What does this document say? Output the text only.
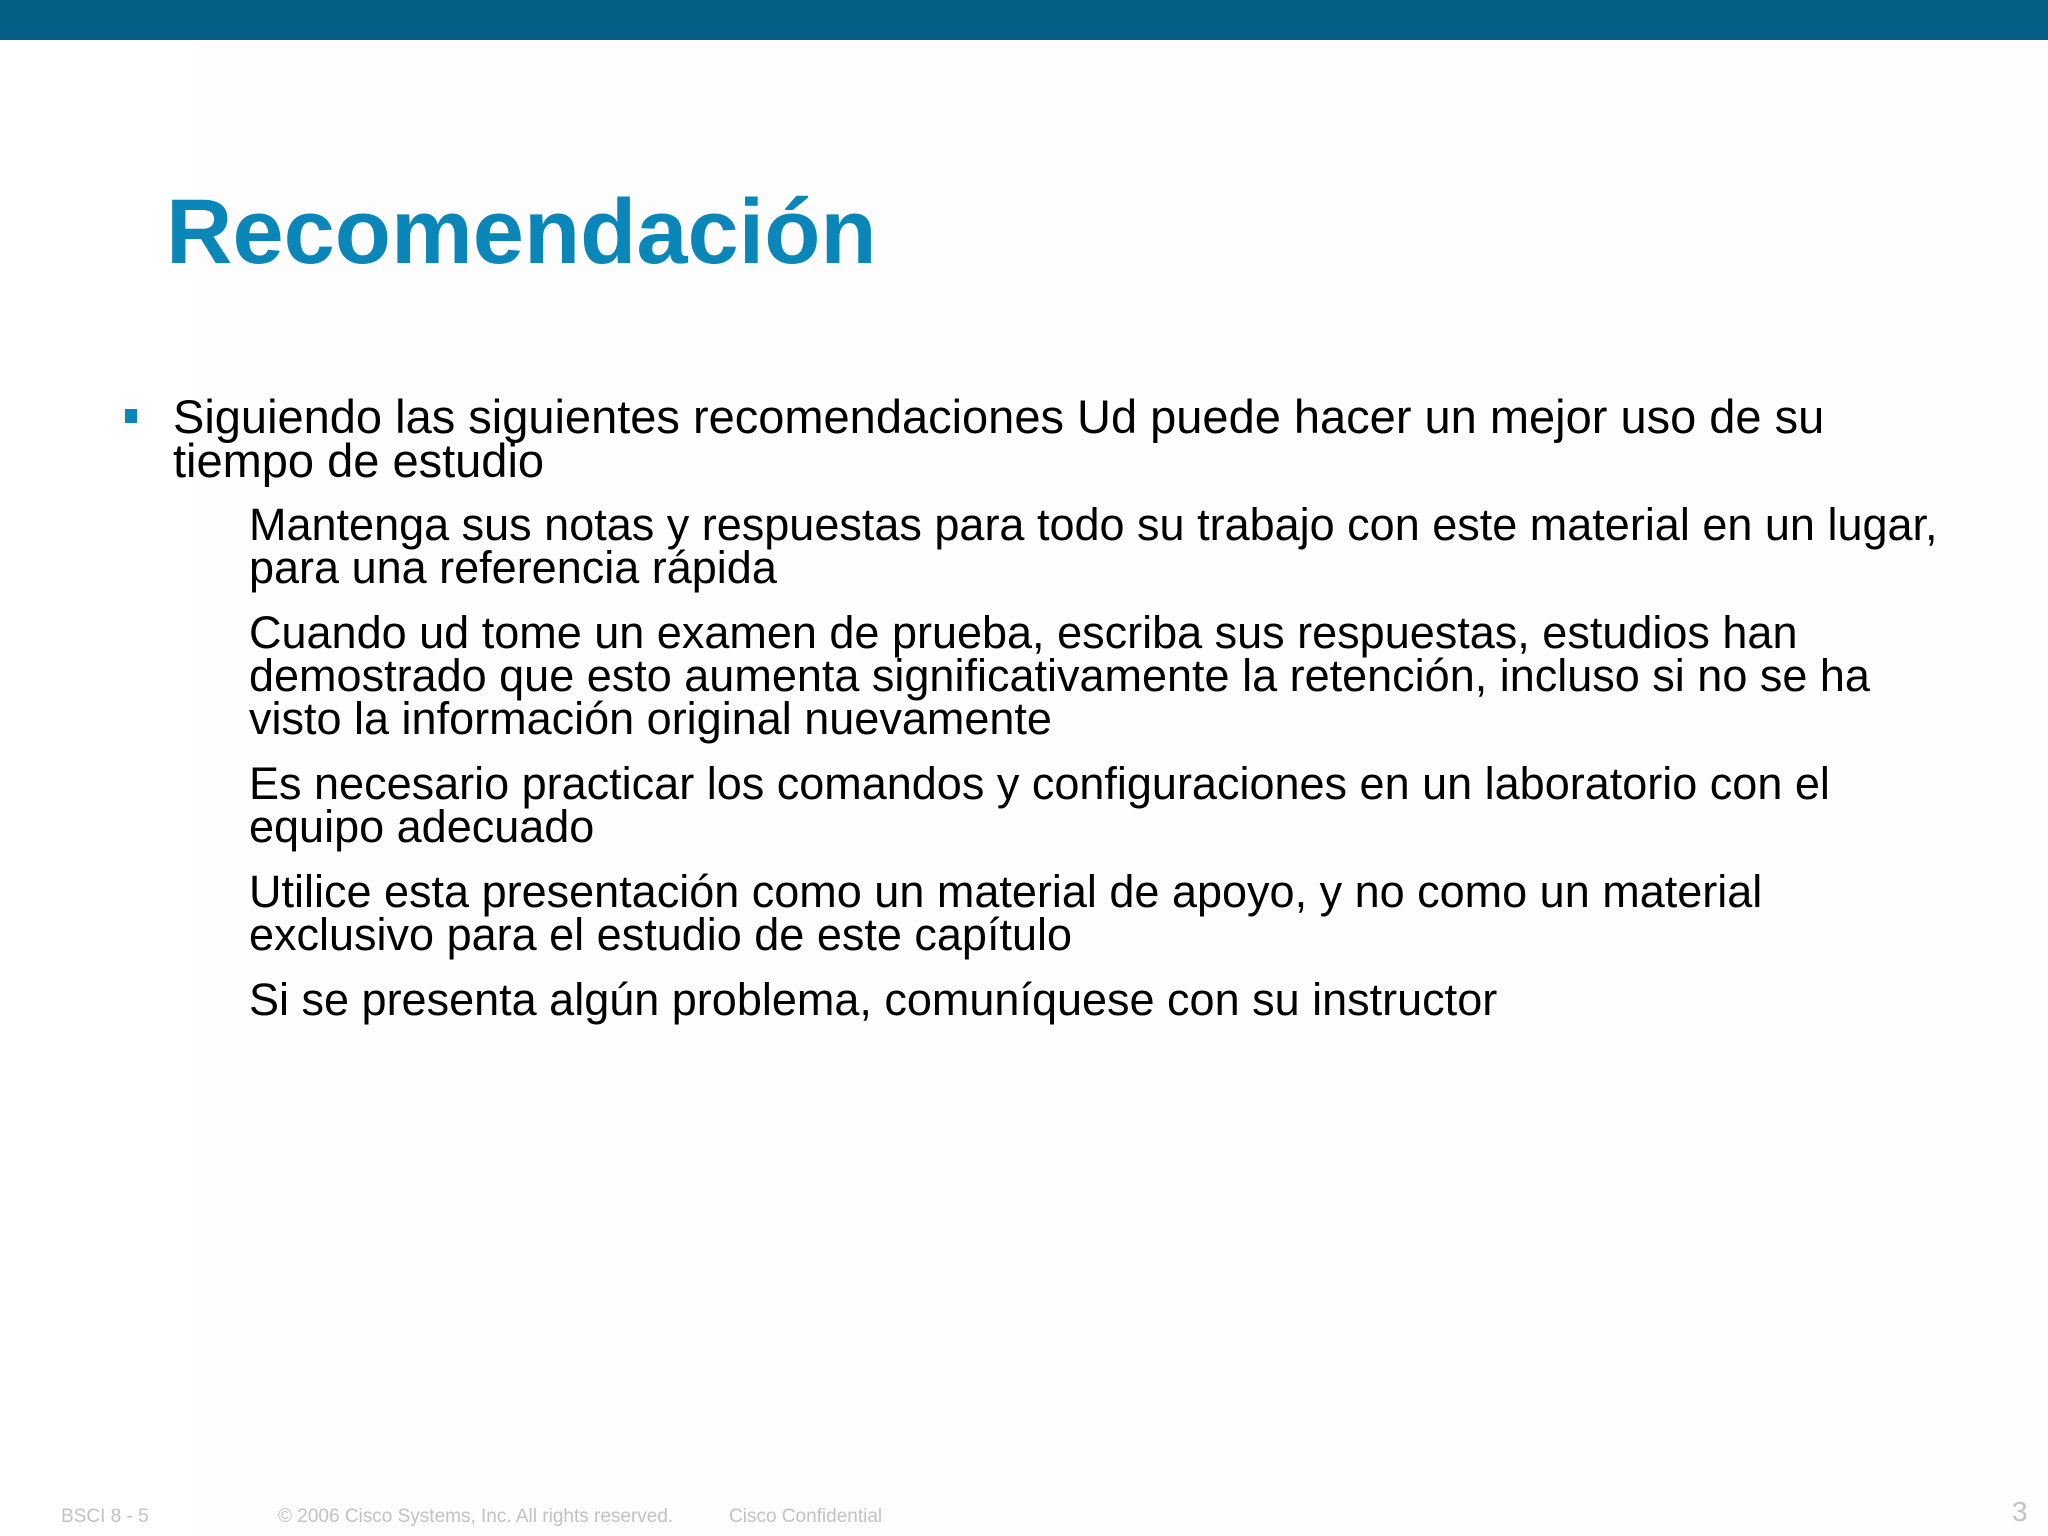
Recomendación
Siguiendo las siguientes recomendaciones Ud puede hacer un mejor uso de su tiempo de estudio
Mantenga sus notas y respuestas para todo su trabajo con este material en un lugar, para una referencia rápida
Cuando ud tome un examen de prueba, escriba sus respuestas, estudios han demostrado que esto aumenta significativamente la retención, incluso si no se ha visto la información original nuevamente
Es necesario practicar los comandos y configuraciones en un laboratorio con el equipo adecuado
Utilice esta presentación como un material de apoyo, y no como un material exclusivo para el estudio de este capítulo
Si se presenta algún problema, comuníquese con su instructor
BSCI 8 - 5	© 2006 Cisco Systems, Inc. All rights reserved.	Cisco Confidential	3
